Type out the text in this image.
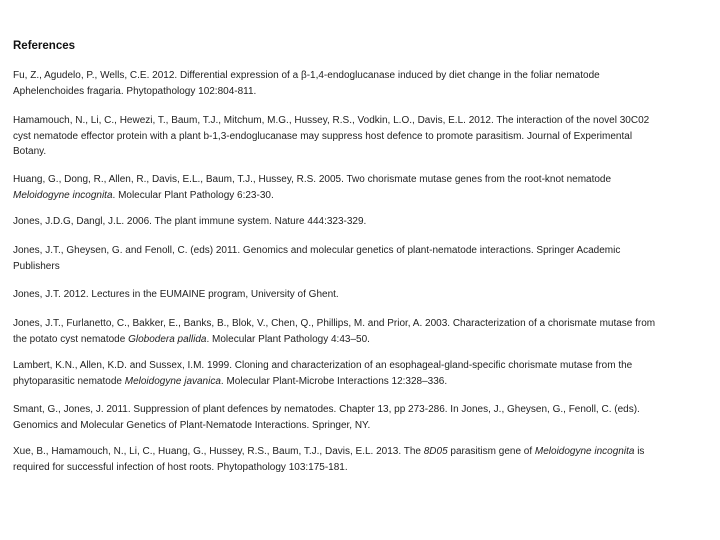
References
Fu, Z., Agudelo, P., Wells, C.E. 2012. Differential expression of a β-1,4-endoglucanase induced by diet change in the foliar nematode
Aphelenchoides fragaria. Phytopathology 102:804-811.
Hamamouch, N., Li, C., Hewezi, T., Baum, T.J., Mitchum, M.G., Hussey, R.S., Vodkin, L.O., Davis, E.L. 2012. The interaction of the novel 30C02
cyst nematode effector protein with a plant b-1,3-endoglucanase may suppress host defence to promote parasitism. Journal of Experimental
Botany.
Huang, G., Dong, R., Allen, R., Davis, E.L., Baum, T.J., Hussey, R.S. 2005. Two chorismate mutase genes from the root-knot nematode
Meloidogyne incognita. Molecular Plant Pathology 6:23-30.
Jones, J.D.G, Dangl, J.L. 2006. The plant immune system. Nature 444:323-329.
Jones, J.T., Gheysen, G. and Fenoll, C. (eds) 2011. Genomics and molecular genetics of plant-nematode interactions. Springer Academic
Publishers
Jones, J.T. 2012. Lectures in the EUMAINE program, University of Ghent.
Jones, J.T., Furlanetto, C., Bakker, E., Banks, B., Blok, V., Chen, Q., Phillips, M. and Prior, A. 2003. Characterization of a chorismate mutase from
the potato cyst nematode Globodera pallida. Molecular Plant Pathology 4:43–50.
Lambert, K.N., Allen, K.D. and Sussex, I.M. 1999. Cloning and characterization of an esophageal-gland-specific chorismate mutase from the
phytoparasitic nematode Meloidogyne javanica. Molecular Plant-Microbe Interactions 12:328–336.
Smant, G., Jones, J. 2011. Suppression of plant defences by nematodes. Chapter 13, pp 273-286. In Jones, J., Gheysen, G., Fenoll, C. (eds).
Genomics and Molecular Genetics of Plant-Nematode Interactions. Springer, NY.
Xue, B., Hamamouch, N., Li, C., Huang, G., Hussey, R.S., Baum, T.J., Davis, E.L. 2013. The 8D05 parasitism gene of Meloidogyne incognita is
required for successful infection of host roots. Phytopathology 103:175-181.
